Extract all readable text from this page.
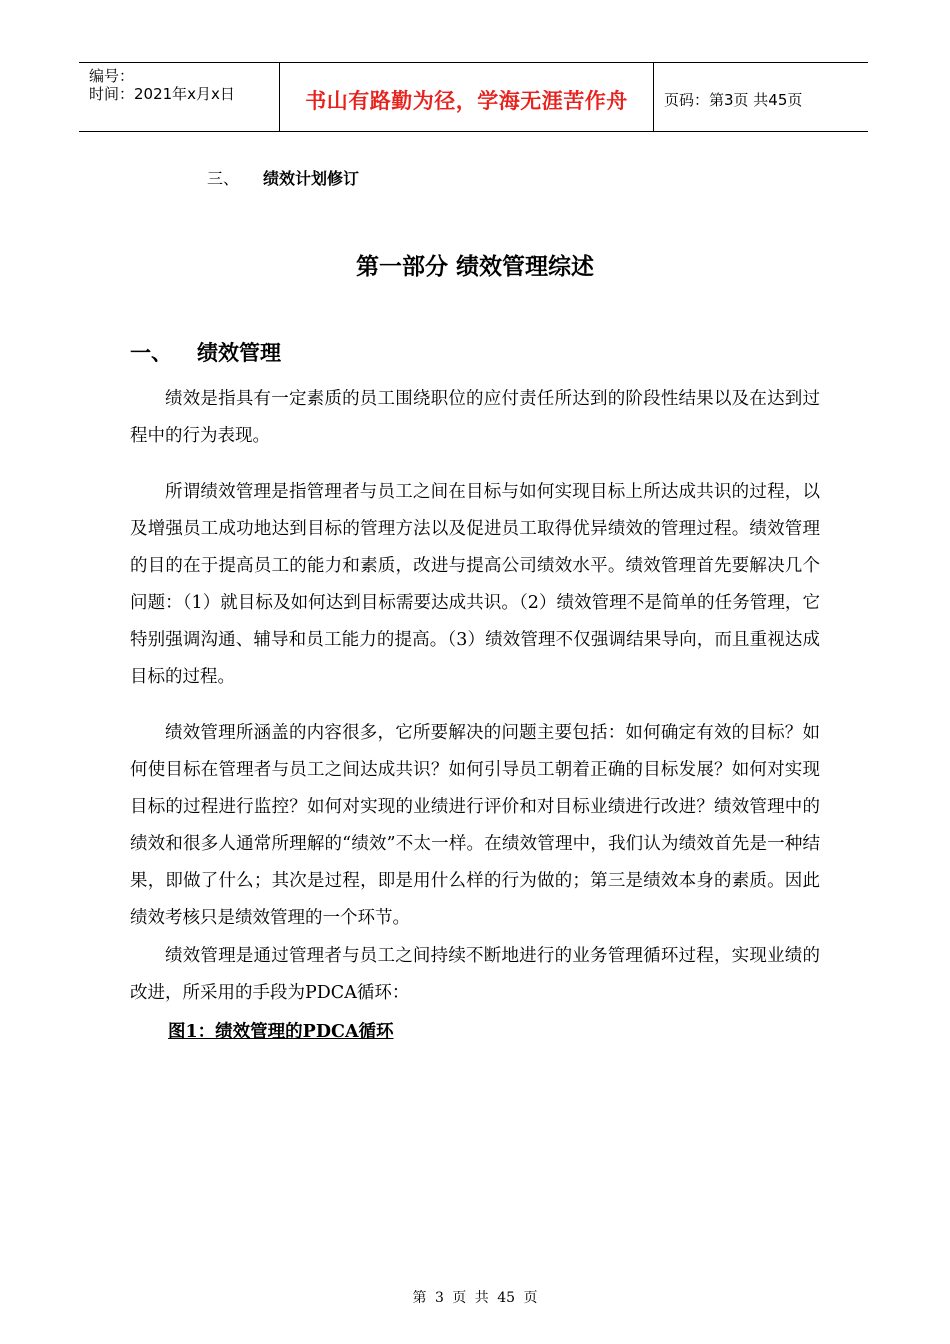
编号：
时间：2021年x月x日	书山有路勤为径，学海无涯苦作舟	页码：第3页 共45页
三、 绩效计划修订
第一部分 绩效管理综述
一、 绩效管理

绩效是指具有一定素质的员工围绕职位的应付责任所达到的阶段性结果以及在达到过程中的行为表现。

所谓绩效管理是指管理者与员工之间在目标与如何实现目标上所达成共识的过程，以及增强员工成功地达到目标的管理方法以及促进员工取得优异绩效的管理过程。绩效管理的目的在于提高员工的能力和素质，改进与提高公司绩效水平。绩效管理首先要解决几个问题：（1）就目标及如何达到目标需要达成共识。（2）绩效管理不是简单的任务管理，它特别强调沟通、辅导和员工能力的提高。（3）绩效管理不仅强调结果导向，而且重视达成目标的过程。

绩效管理所涵盖的内容很多，它所要解决的问题主要包括：如何确定有效的目标？如何使目标在管理者与员工之间达成共识？如何引导员工朝着正确的目标发展？如何对实现目标的过程进行监控？如何对实现的业绩进行评价和对目标业绩进行改进？绩效管理中的绩效和很多人通常所理解的“绩效”不太一样。在绩效管理中，我们认为绩效首先是一种结果，即做了什么；其次是过程，即是用什么样的行为做的；第三是绩效本身的素质。因此绩效考核只是绩效管理的一个环节。

绩效管理是通过管理者与员工之间持续不断地进行的业务管理循环过程，实现业绩的改进，所采用的手段为PDCA循环：

图1：绩效管理的PDCA循环
第 3 页 共 45 页
